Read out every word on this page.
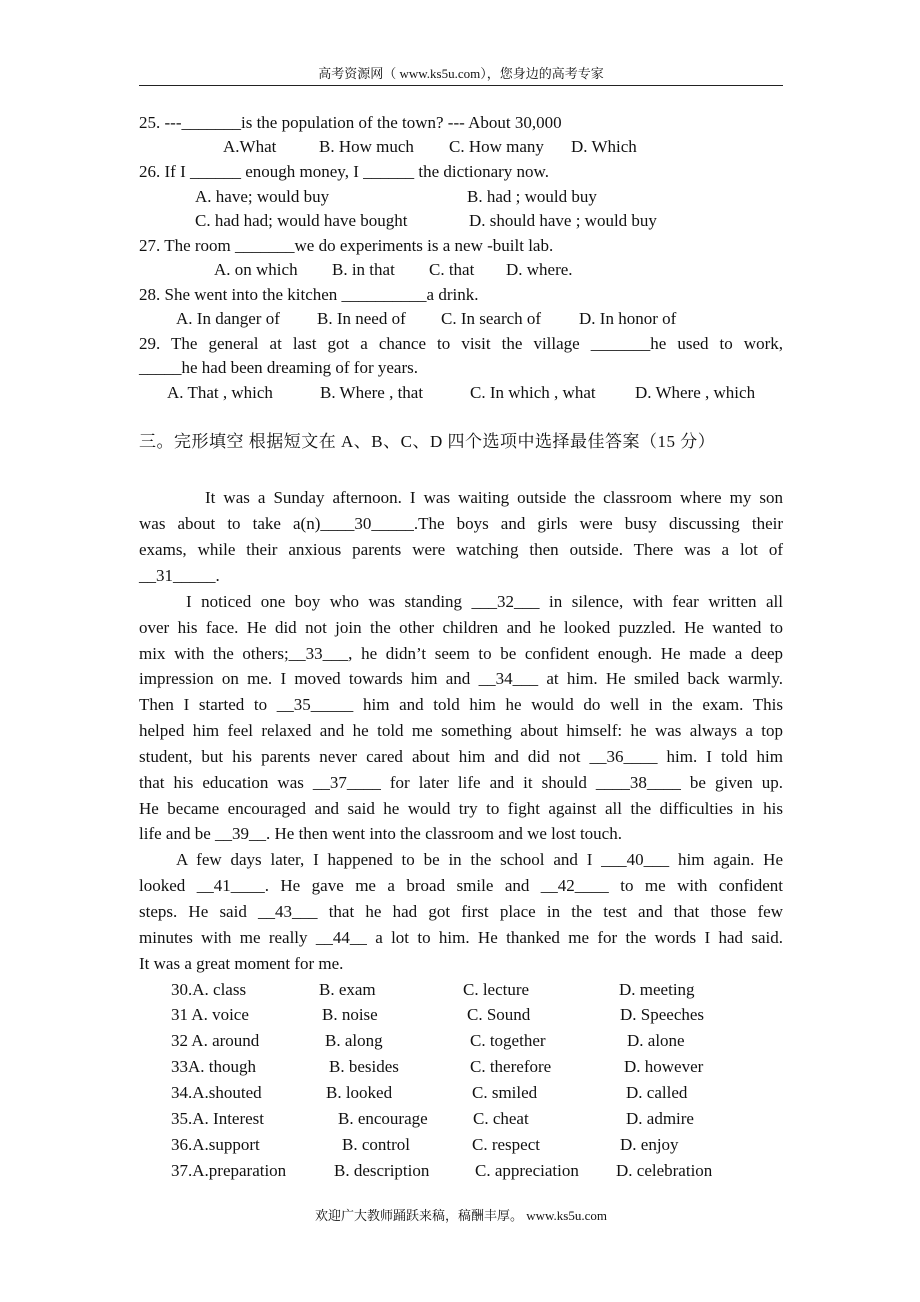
高考资源网（ www.ks5u.com），您身边的高考专家
25. ---_______is the population of the town? --- About 30,000
A.What	B. How much C. How many D. Which
26. If I ______ enough money, I ______ the dictionary now.
A. have; would buy	B. had ; would buy
C. had had; would have bought	D. should have ; would buy
27. The room _______we do experiments is a new -built lab.
A. on which B. in that C. that D. where.
28. She went into the kitchen __________a drink.
A. In danger of B. In need of C. In search of D. In honor of
29. The general at last got a chance to visit the village _______he used to work,
_____he had been dreaming of for years.
A. That , which	B. Where , that	C. In which , what D. Where , which
三。完形填空 根据短文在 A、B、C、D 四个选项中选择最佳答案（15 分）
It was a Sunday afternoon. I was waiting outside the classroom where my son
was about to take a(n)____30_____.The boys and girls were busy discussing their
exams, while their anxious parents were watching then outside. There was a lot of
__31_____.
I noticed one boy who was standing ___32___ in silence, with fear written all
over his face. He did not join the other children and he looked puzzled. He wanted to
mix with the others;__33___, he didn’t seem to be confident enough. He made a deep
impression on me. I moved towards him and __34___ at him. He smiled back warmly.
Then I started to __35_____ him and told him he would do well in the exam. This
helped him feel relaxed and he told me something about himself: he was always a top
student, but his parents never cared about him and did not __36____ him. I told him
that his education was __37____ for later life and it should ____38____ be given up.
He became encouraged and said he would try to fight against all the difficulties in his
life and be __39__. He then went into the classroom and we lost touch.
A few days later, I happened to be in the school and I ___40___ him again. He
looked __41____. He gave me a broad smile and __42____ to me with confident
steps. He said __43___ that he had got first place in the test and that those few
minutes with me really __44__ a lot to him. He thanked me for the words I had said.
It was a great moment for me.
30.A. class	B. exam	C. lecture	D. meeting
31 A. voice	B. noise	C. Sound	D. Speeches
32 A. around	B. along	C. together	D. alone
33A. though	B. besides	C. therefore	D. however
34.A.shouted	B. looked	C. smiled	D. called
35.A. Interest	B. encourage	C. cheat	D. admire
36.A.support	B. control	C. respect	D. enjoy
37.A.preparation	B. description	C. appreciation D. celebration
欢迎广大教师踊跃来稿，稿酬丰厚。 www.ks5u.com
